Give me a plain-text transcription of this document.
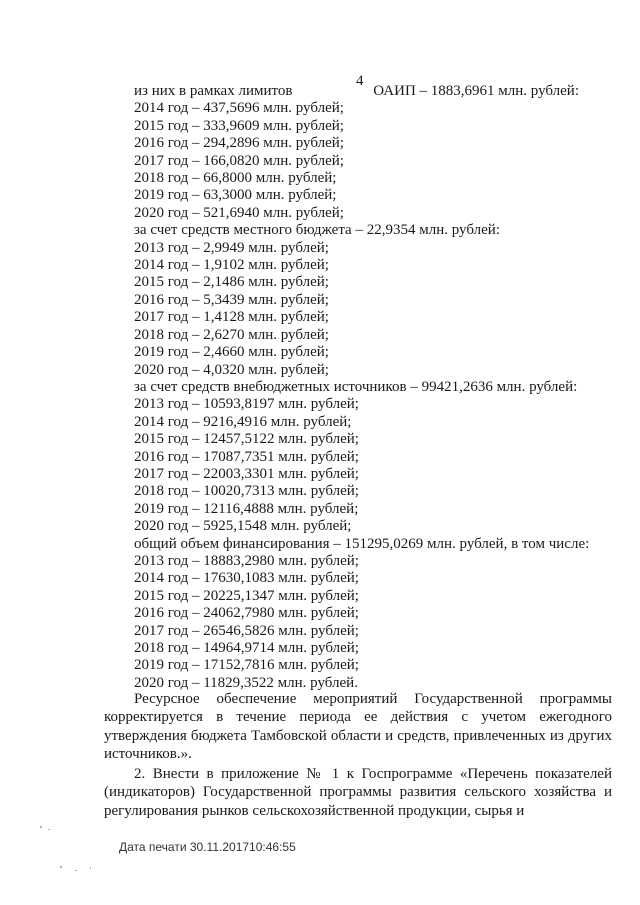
4
из них в рамках лимитов	ОАИП – 1883,6961 млн. рублей:
2014 год – 437,5696 млн. рублей;
2015 год – 333,9609 млн. рублей;
2016 год – 294,2896 млн. рублей;
2017 год – 166,0820 млн. рублей;
2018 год – 66,8000 млн. рублей;
2019 год – 63,3000 млн. рублей;
2020 год – 521,6940 млн. рублей;
за счет средств местного бюджета – 22,9354 млн. рублей:
2013 год – 2,9949 млн. рублей;
2014 год – 1,9102 млн. рублей;
2015 год – 2,1486 млн. рублей;
2016 год – 5,3439 млн. рублей;
2017 год – 1,4128 млн. рублей;
2018 год – 2,6270 млн. рублей;
2019 год – 2,4660 млн. рублей;
2020 год – 4,0320 млн. рублей;
за счет средств внебюджетных источников – 99421,2636 млн. рублей:
2013 год – 10593,8197 млн. рублей;
2014 год – 9216,4916 млн. рублей;
2015 год – 12457,5122 млн. рублей;
2016 год – 17087,7351 млн. рублей;
2017 год – 22003,3301 млн. рублей;
2018 год – 10020,7313 млн. рублей;
2019 год – 12116,4888 млн. рублей;
2020 год – 5925,1548 млн. рублей;
общий объем финансирования – 151295,0269 млн. рублей, в том числе:
2013 год – 18883,2980 млн. рублей;
2014 год – 17630,1083 млн. рублей;
2015 год – 20225,1347 млн. рублей;
2016 год – 24062,7980 млн. рублей;
2017 год – 26546,5826 млн. рублей;
2018 год – 14964,9714 млн. рублей;
2019 год – 17152,7816 млн. рублей;
2020 год – 11829,3522 млн. рублей.
Ресурсное обеспечение мероприятий Государственной программы корректируется в течение периода ее действия с учетом ежегодного утверждения бюджета Тамбовской области и средств, привлеченных из других источников.».
2. Внести в приложение № 1 к Госпрограмме «Перечень показателей (индикаторов) Государственной программы развития сельского хозяйства и регулирования рынков сельскохозяйственной продукции, сырья и
Дата печати 30.11.201710:46:55
